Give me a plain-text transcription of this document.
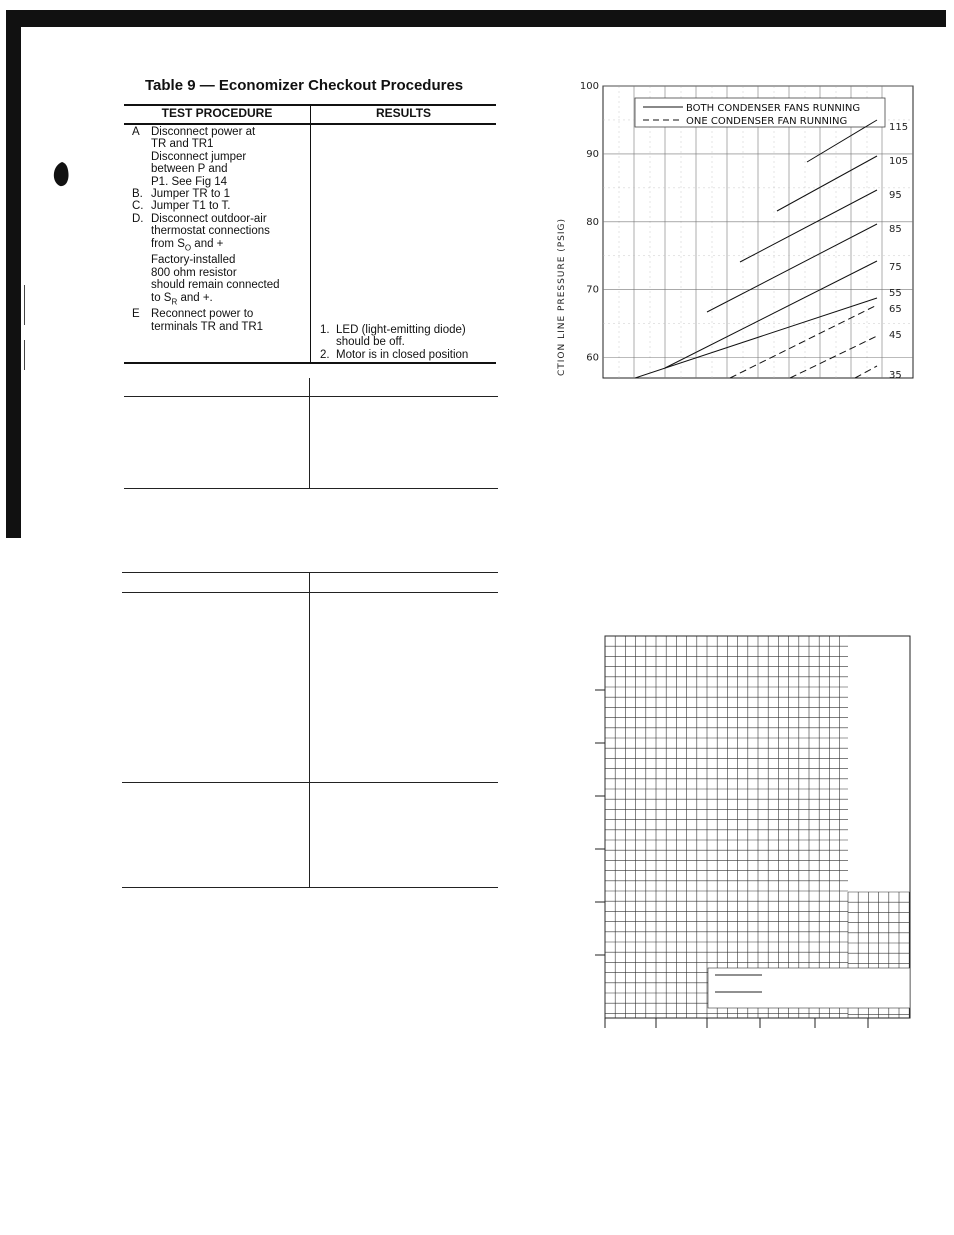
Table 9 — Economizer Checkout Procedures
TEST PROCEDURE	RESULTS
A Disconnect power at
TR and TR1
Disconnect jumper
between P and
P1. See Fig 14
B. Jumper TR to 1
C. Jumper T1 to T.
D. Disconnect outdoor-air
thermostat connections
from $S_O$ and +
Factory-installed
800 ohm resistor
should remain connected
to $S_R$ and +.
E Reconnect power to
terminals TR and TR1	1. LED (light-emitting diode)
should be off.
2. Motor is in closed position	60
70
80
90
100
CTION LINE PRESSURE (PSIG)
BOTH CONDENSER FANS RUNNING
ONE CONDENSER FAN RUNNING
115
105
95
85
75
65
55
45
35
